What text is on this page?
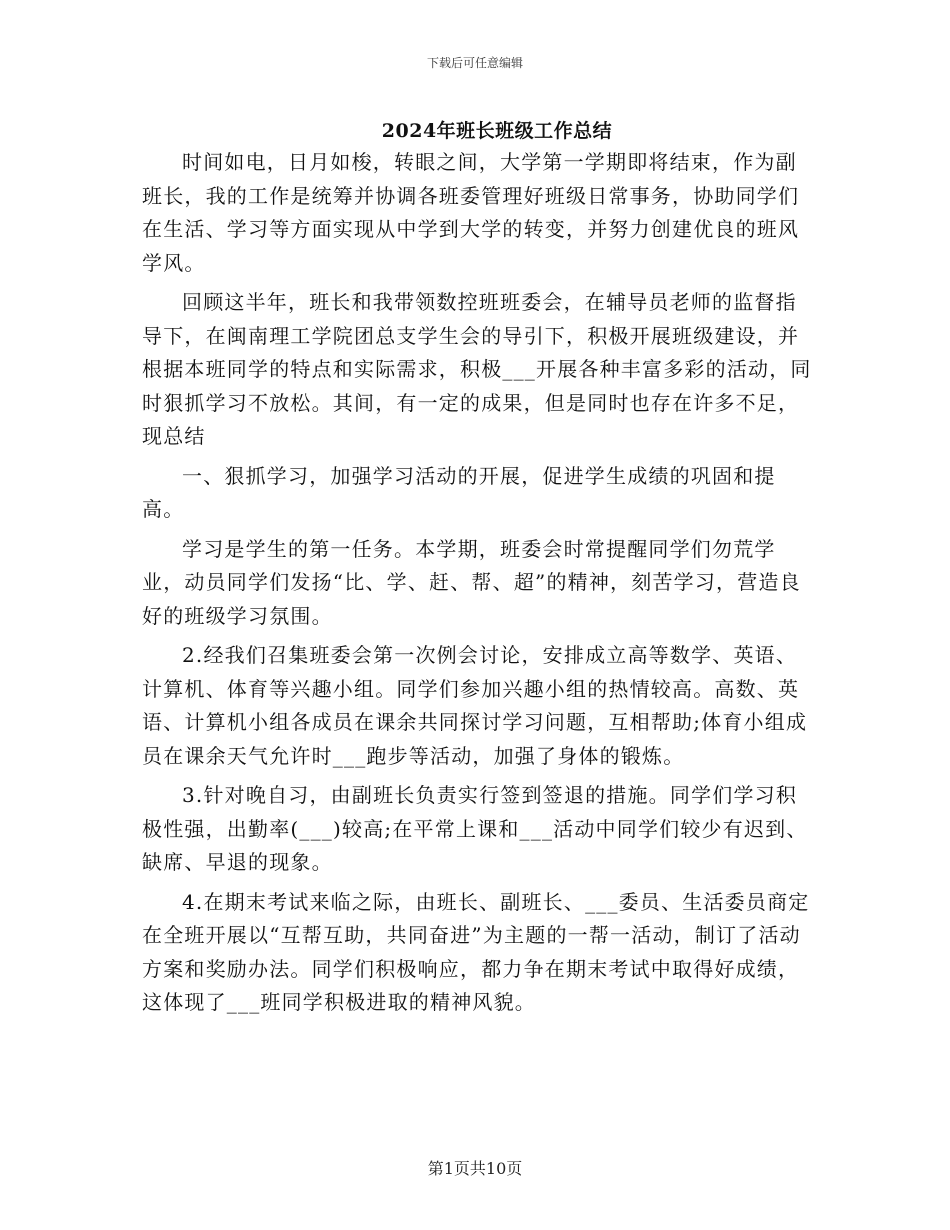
下载后可任意编辑
2024年班长班级工作总结

时间如电，日月如梭，转眼之间，大学第一学期即将结束，作为副班长，我的工作是统筹并协调各班委管理好班级日常事务，协助同学们在生活、学习等方面实现从中学到大学的转变，并努力创建优良的班风学风。

回顾这半年，班长和我带领数控班班委会，在辅导员老师的监督指导下，在闽南理工学院团总支学生会的导引下，积极开展班级建设，并根据本班同学的特点和实际需求，积极___开展各种丰富多彩的活动，同时狠抓学习不放松。其间，有一定的成果，但是同时也存在许多不足，现总结

一、狠抓学习，加强学习活动的开展，促进学生成绩的巩固和提高。

学习是学生的第一任务。本学期，班委会时常提醒同学们勿荒学业，动员同学们发扬“比、学、赶、帮、超”的精神，刻苦学习，营造良好的班级学习氛围。

2.经我们召集班委会第一次例会讨论，安排成立高等数学、英语、计算机、体育等兴趣小组。同学们参加兴趣小组的热情较高。高数、英语、计算机小组各成员在课余共同探讨学习问题，互相帮助;体育小组成员在课余天气允许时___跑步等活动，加强了身体的锻炼。

3.针对晚自习，由副班长负责实行签到签退的措施。同学们学习积极性强，出勤率(___)较高;在平常上课和___活动中同学们较少有迟到、缺席、早退的现象。

4.在期末考试来临之际，由班长、副班长、___委员、生活委员商定在全班开展以“互帮互助，共同奋进”为主题的一帮一活动，制订了活动方案和奖励办法。同学们积极响应，都力争在期末考试中取得好成绩，这体现了___班同学积极进取的精神风貌。

第1页共10页
